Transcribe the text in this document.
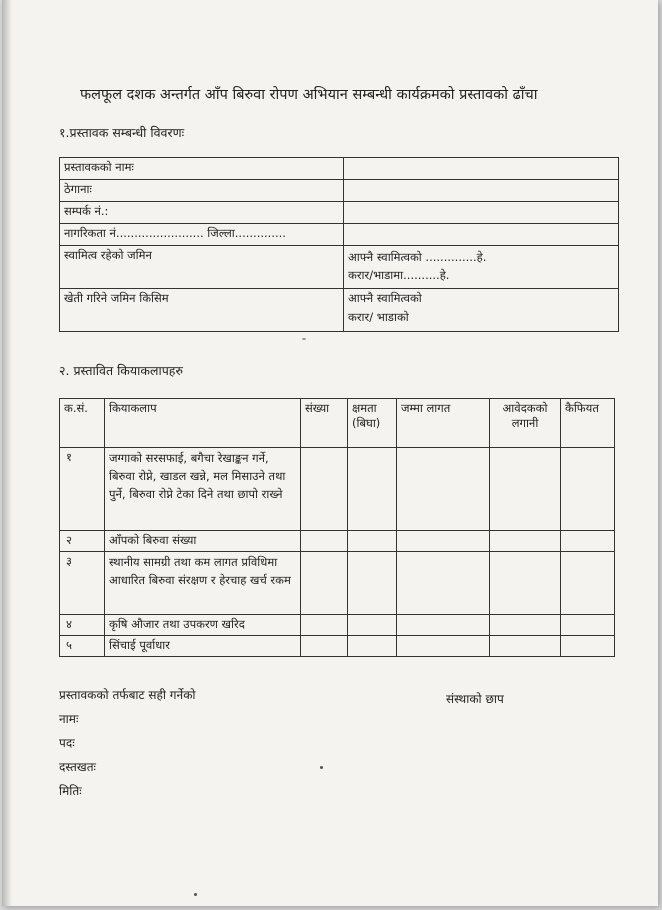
फलफूल दशक अन्तर्गत आँप बिरुवा रोपण अभियान सम्बन्धी कार्यक्रमको प्रस्तावको ढाँचा
१.प्रस्तावक सम्बन्धी विवरणः
प्रस्तावकको नामः	
ठेगानाः	
सम्पर्क नं.:	
नागरिकता नं........................ जिल्ला..............	
स्वामित्व रहेको जमिन	आफ्नै स्वामित्वको ..............हे.
करार/भाडामा..........हे.

खेती गरिने जमिन किसिम	आफ्नै स्वामित्वको
करार/ भाडाको
२. प्रस्तावित कियाकलापहरु
क.सं.	कियाकलाप	संख्या	क्षमता (बिघा)	जम्मा लागत	आवेदकको लगानी	कैफियत
१	जग्गाको सरसफाई, बगैचा रेखाङ्कन गर्ने, बिरुवा रोप्ने, खाडल खन्ने, मल मिसाउने तथा पुर्ने, बिरुवा रोप्ने टेका दिने तथा छापो राख्ने					
२	आँपको बिरुवा संख्या					
३	स्थानीय सामग्री तथा कम लागत प्रविधिमा आधारित बिरुवा संरक्षण र हेरचाह खर्च रकम					
४	कृषि औजार तथा उपकरण खरिद					
५	सिंचाई पूर्वाधार					
प्रस्तावकको तर्फबाट सही गर्नेको
नामः
पदः
दस्तखतः
मितिः
संस्थाको छाप
